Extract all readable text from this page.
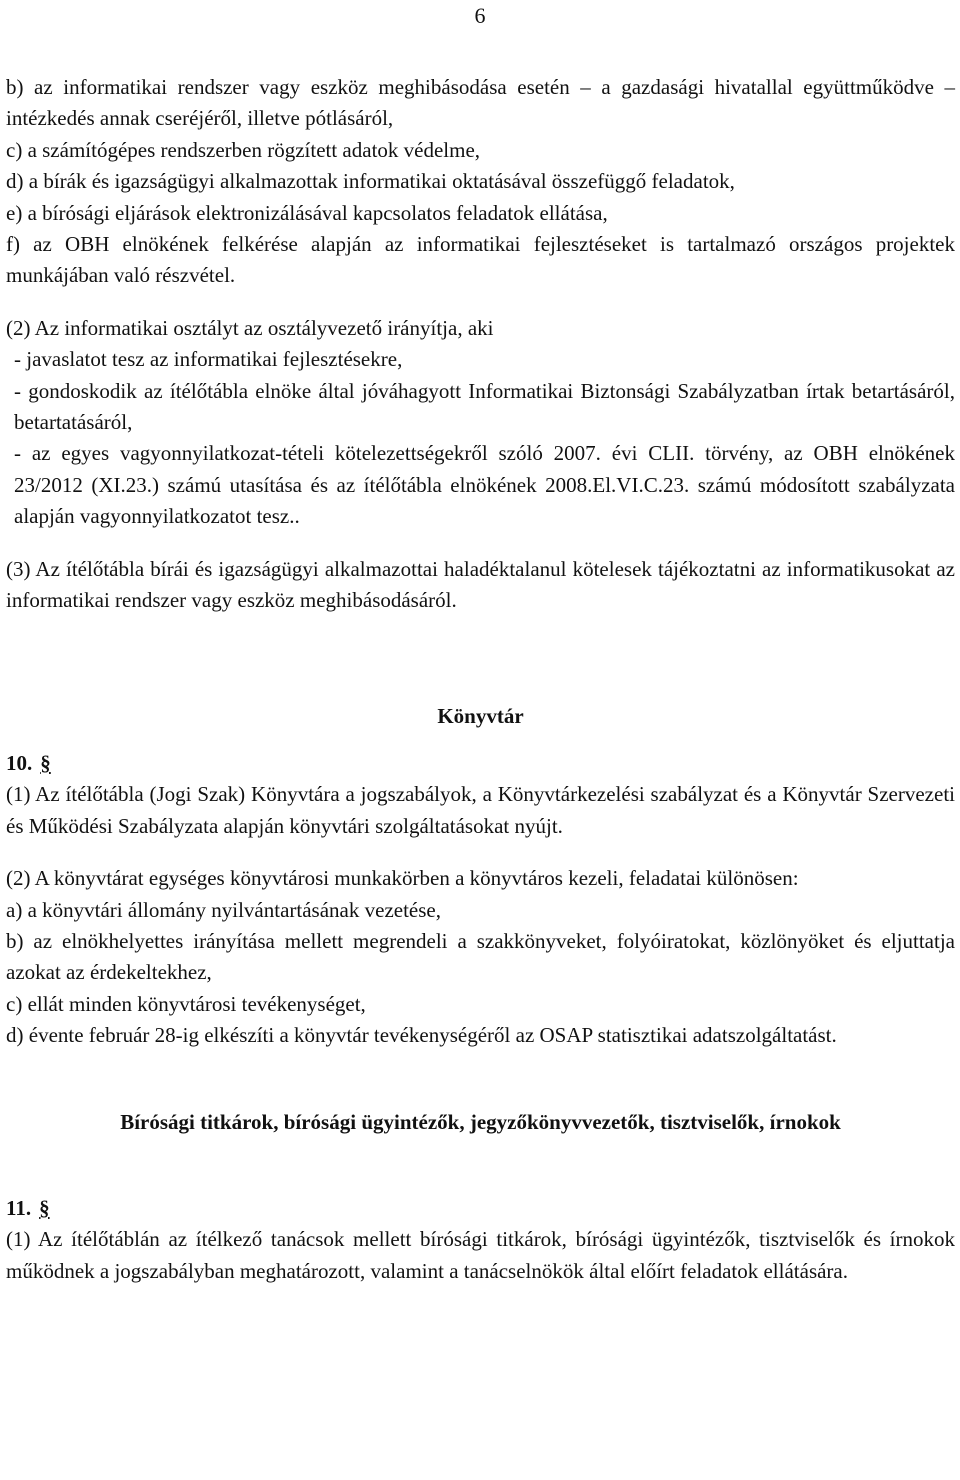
6

b) az informatikai rendszer vagy eszköz meghibásodása esetén – a gazdasági hivatallal együttműködve – intézkedés annak cseréjéről, illetve pótlásáról,

c) a számítógépes rendszerben rögzített adatok védelme,

d) a bírák és igazságügyi alkalmazottak informatikai oktatásával összefüggő feladatok,

e) a bírósági eljárások elektronizálásával kapcsolatos feladatok ellátása,

f) az OBH elnökének felkérése alapján az informatikai fejlesztéseket is tartalmazó országos projektek munkájában való részvétel.

(2) Az informatikai osztályt az osztályvezető irányítja, aki

- javaslatot tesz az informatikai fejlesztésekre,

- gondoskodik az ítélőtábla elnöke által jóváhagyott Informatikai Biztonsági Szabályzatban írtak betartásáról, betartatásáról,

- az egyes vagyonnyilatkozat-tételi kötelezettségekről szóló 2007. évi CLII. törvény, az OBH elnökének 23/2012 (XI.23.) számú utasítása és az ítélőtábla elnökének 2008.El.VI.C.23. számú módosított szabályzata alapján vagyonnyilatkozatot tesz..

(3) Az ítélőtábla bírái és igazságügyi alkalmazottai haladéktalanul kötelesek tájékoztatni az informatikusokat az informatikai rendszer vagy eszköz meghibásodásáról.

Könyvtár

10. §

(1) Az ítélőtábla (Jogi Szak) Könyvtára a jogszabályok, a Könyvtárkezelési szabályzat és a Könyvtár Szervezeti és Működési Szabályzata alapján könyvtári szolgáltatásokat nyújt.

(2) A könyvtárat egységes könyvtárosi munkakörben a könyvtáros kezeli, feladatai különösen:

a) a könyvtári állomány nyilvántartásának vezetése,

b) az elnökhelyettes irányítása mellett megrendeli a szakkönyveket, folyóiratokat, közlönyöket és eljuttatja azokat az érdekeltekhez,

c) ellát minden könyvtárosi tevékenységet,

d) évente február 28-ig elkészíti a könyvtár tevékenységéről az OSAP statisztikai adatszolgáltatást.

Bírósági titkárok, bírósági ügyintézők, jegyzőkönyvvezetők, tisztviselők, írnokok

11. §

(1) Az ítélőtáblán az ítélkező tanácsok mellett bírósági titkárok, bírósági ügyintézők, tisztviselők és írnokok működnek a jogszabályban meghatározott, valamint a tanácselnökök által előírt feladatok ellátására.
